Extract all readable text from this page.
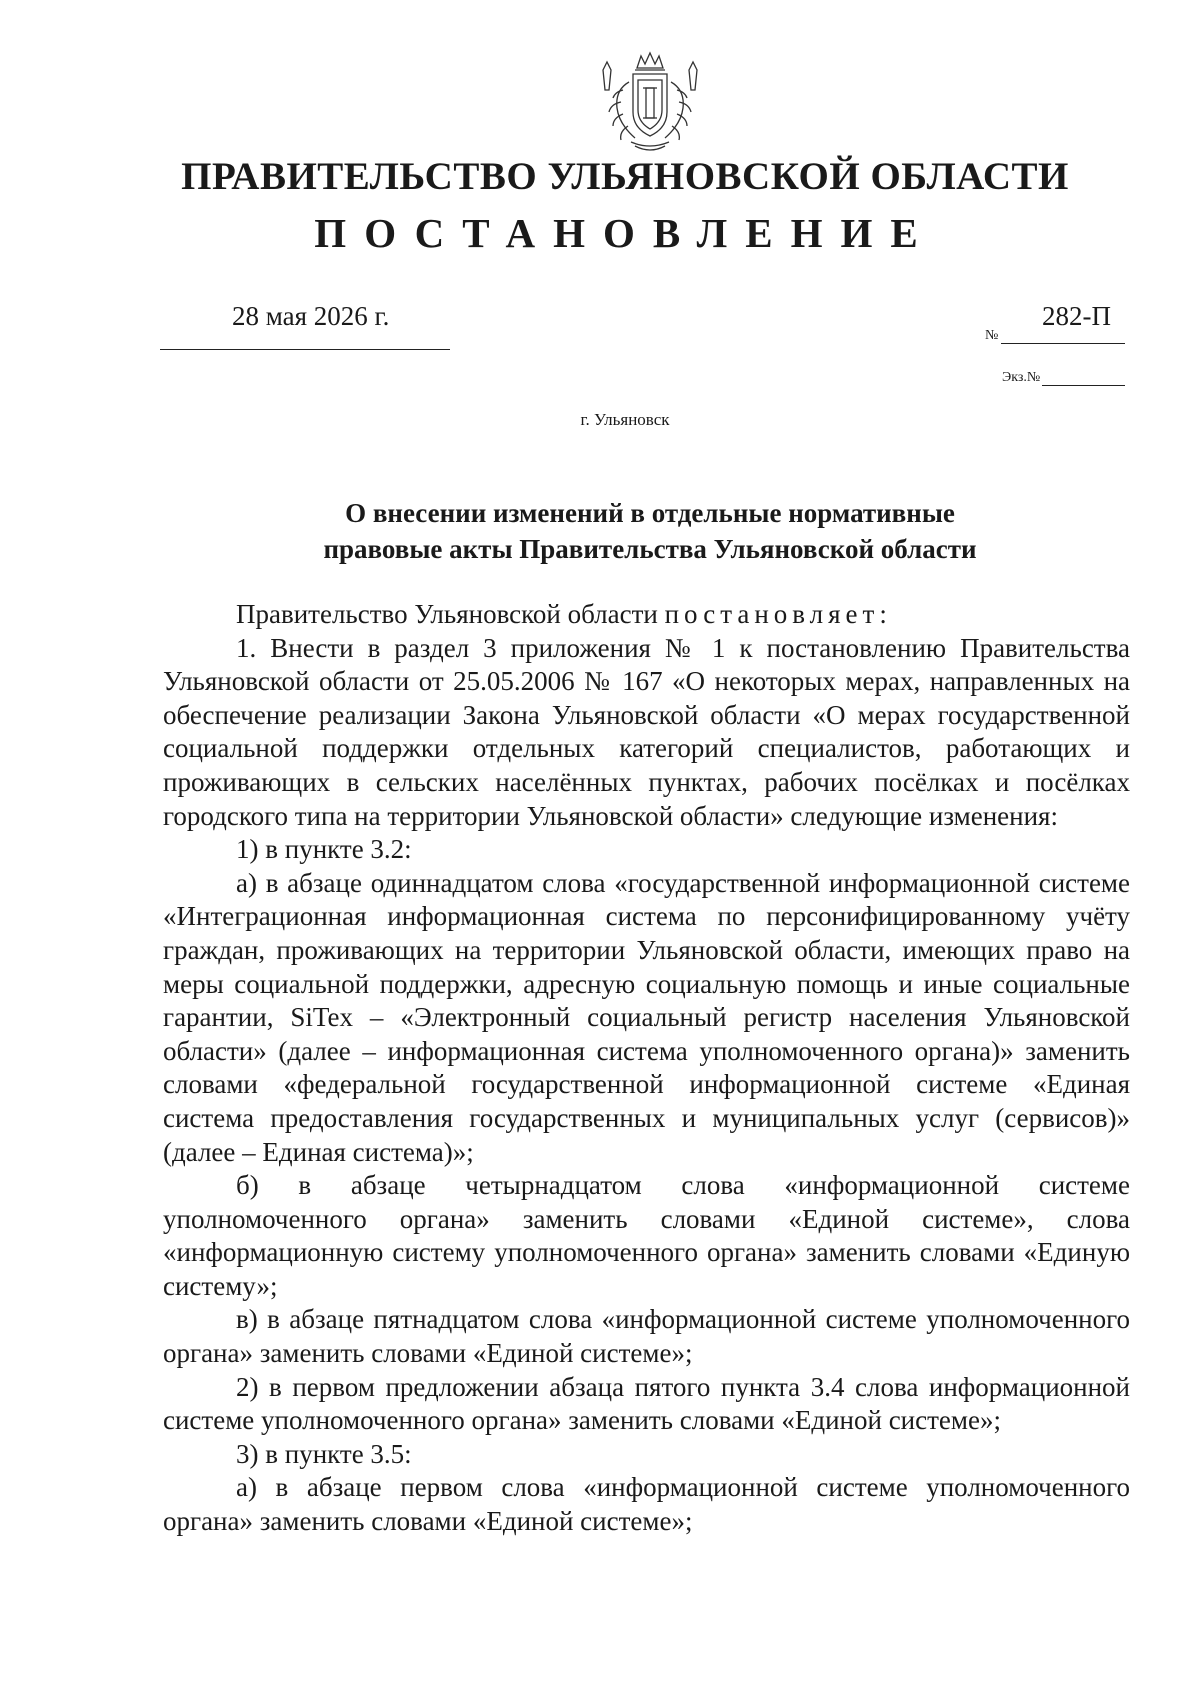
ПРАВИТЕЛЬСТВО УЛЬЯНОВСКОЙ ОБЛАСТИ
ПОСТАНОВЛЕНИЕ
28 мая 2026 г.	282-П
№
Экз.№
г. Ульяновск
О внесении изменений в отдельные нормативные
правовые акты Правительства Ульяновской области

Правительство Ульяновской области постановляет:

1. Внести в раздел 3 приложения № 1 к постановлению Правительства Ульяновской области от 25.05.2006 № 167 «О некоторых мерах, направленных на обеспечение реализации Закона Ульяновской области «О мерах государственной социальной поддержки отдельных категорий специалистов, работающих и проживающих в сельских населённых пунктах, рабочих посёлках и посёлках городского типа на территории Ульяновской области» следующие изменения:

1) в пункте 3.2:

а) в абзаце одиннадцатом слова «государственной информационной системе «Интеграционная информационная система по персонифицированному учёту граждан, проживающих на территории Ульяновской области, имеющих право на меры социальной поддержки, адресную социальную помощь и иные социальные гарантии, SiTex – «Электронный социальный регистр населения Ульяновской области» (далее – информационная система уполномоченного органа)» заменить словами «федеральной государственной информационной системе «Единая система предоставления государственных и муниципальных услуг (сервисов)» (далее – Единая система)»;

б) в абзаце четырнадцатом слова «информационной системе уполномоченного органа» заменить словами «Единой системе», слова «информационную систему уполномоченного органа» заменить словами «Единую систему»;

в) в абзаце пятнадцатом слова «информационной системе уполномоченного органа» заменить словами «Единой системе»;

2) в первом предложении абзаца пятого пункта 3.4 слова информационной системе уполномоченного органа» заменить словами «Единой системе»;

3) в пункте 3.5:

а) в абзаце первом слова «информационной системе уполномоченного органа» заменить словами «Единой системе»;
